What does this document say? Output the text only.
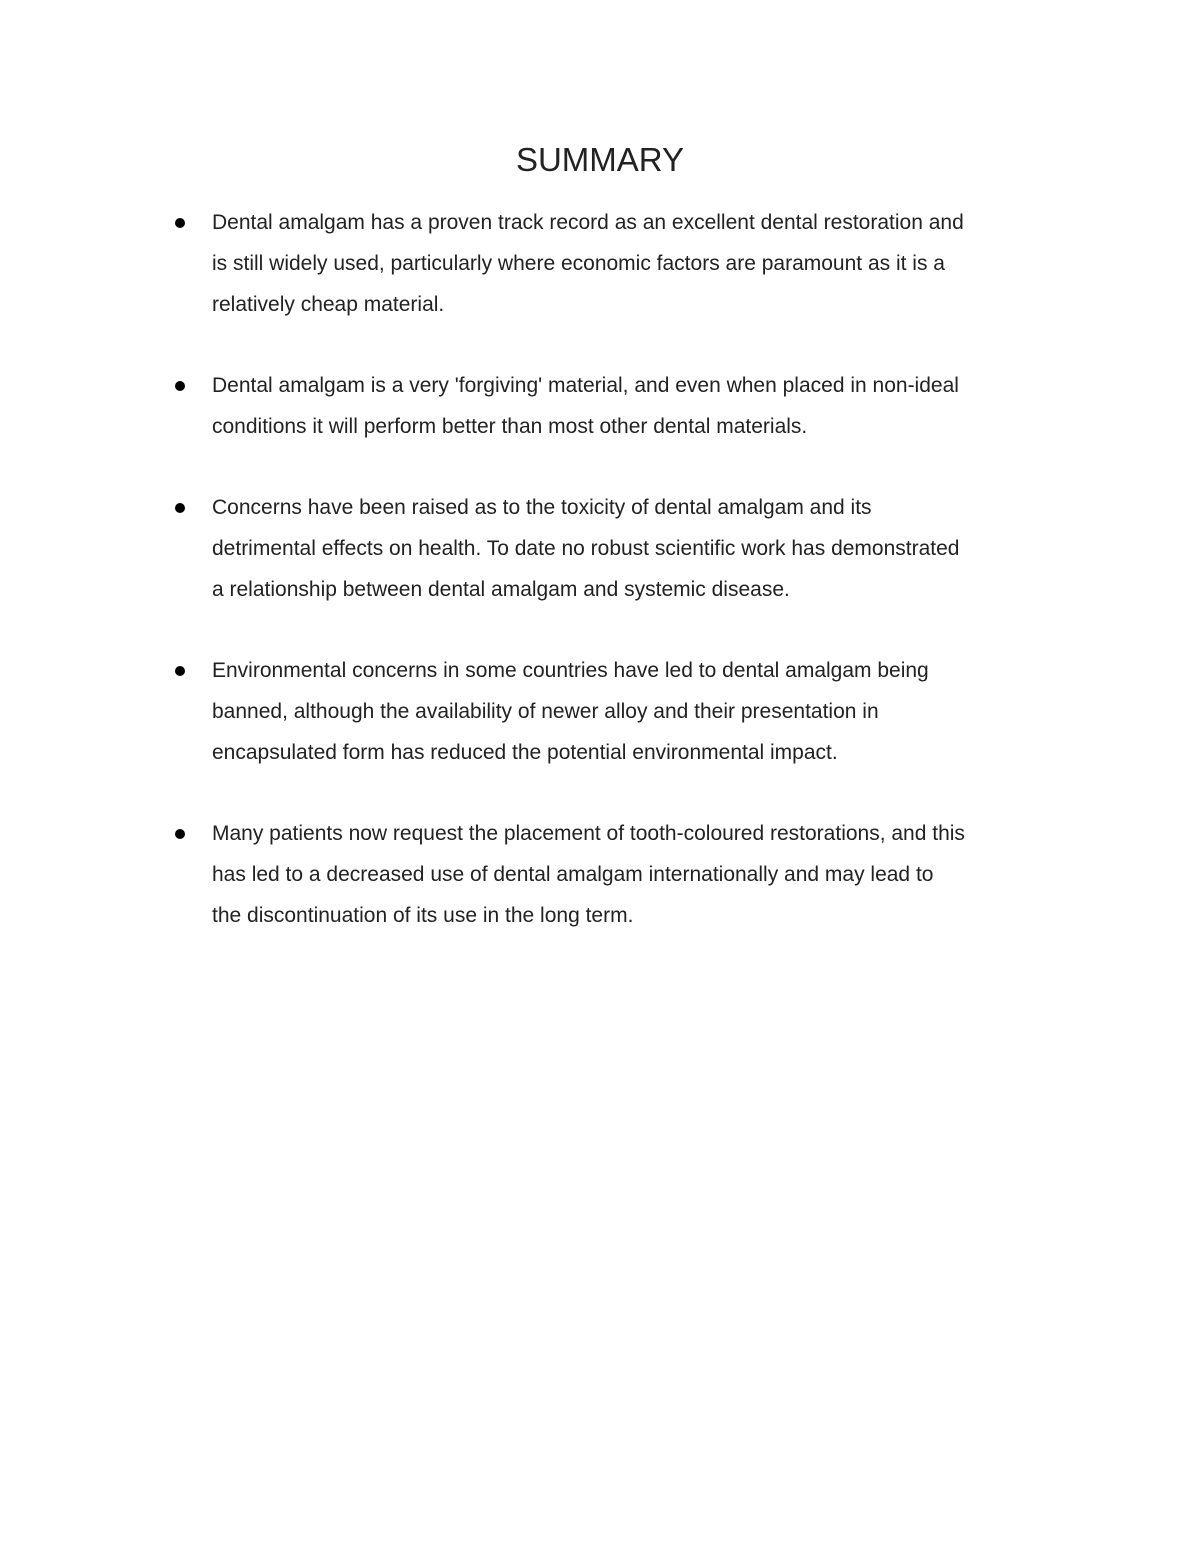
SUMMARY
Dental amalgam has a proven track record as an excellent dental restoration and
is still widely used, particularly where economic factors are paramount as it is a
relatively cheap material.
Dental amalgam is a very 'forgiving' material, and even when placed in non-ideal
conditions it will perform better than most other dental materials.
Concerns have been raised as to the toxicity of dental amalgam and its
detrimental effects on health. To date no robust scientific work has demonstrated
a relationship between dental amalgam and systemic disease.
Environmental concerns in some countries have led to dental amalgam being
banned, although the availability of newer alloy and their presentation in
encapsulated form has reduced the potential environmental impact.
Many patients now request the placement of tooth-coloured restorations, and this
has led to a decreased use of dental amalgam internationally and may lead to
the discontinuation of its use in the long term.
